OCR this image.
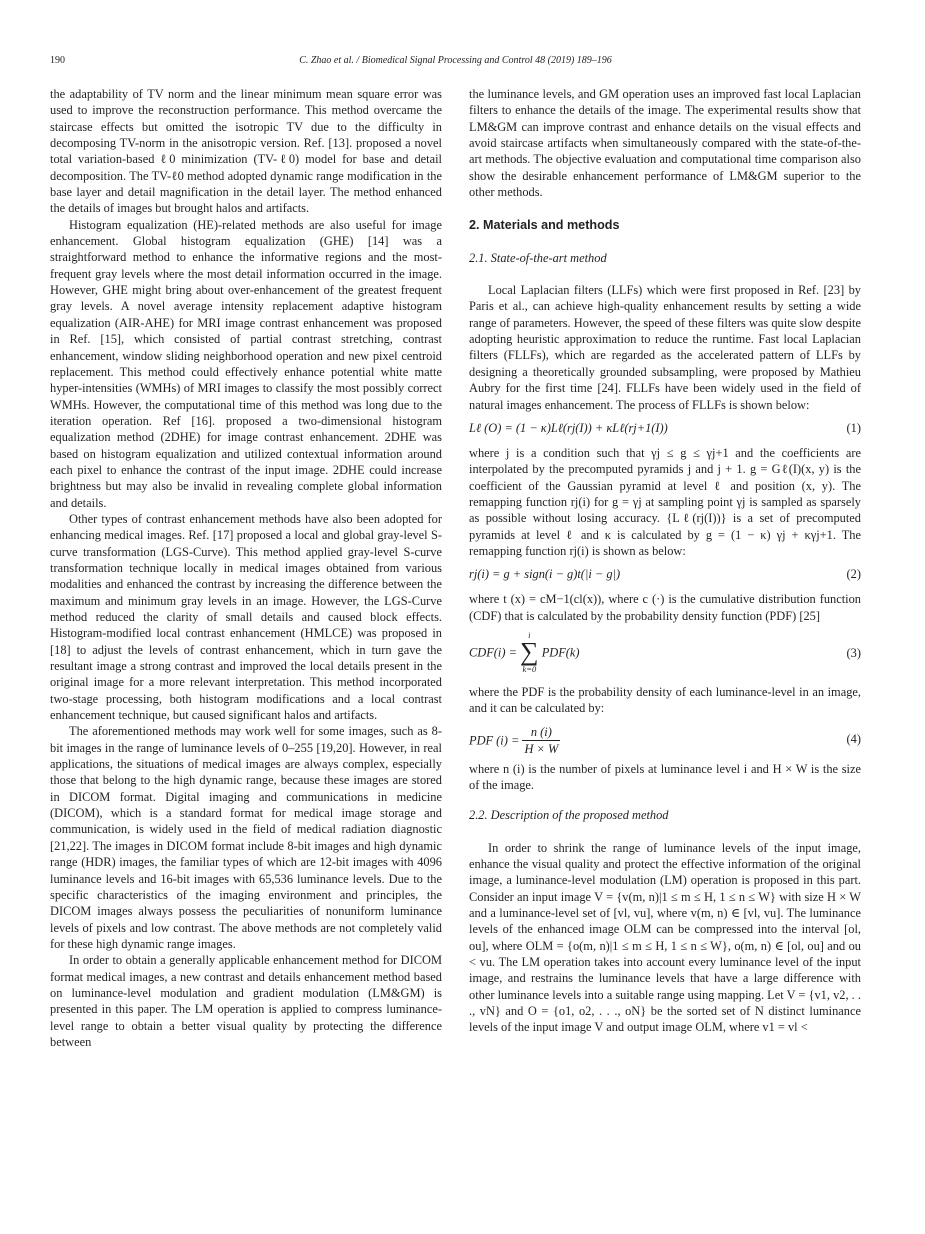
190	C. Zhao et al. / Biomedical Signal Processing and Control 48 (2019) 189–196

the adaptability of TV norm and the linear minimum mean square error was used to improve the reconstruction performance. This method overcame the staircase effects but omitted the isotropic TV due to the difficulty in decomposing TV-norm in the anisotropic version. Ref. [13]. proposed a novel total variation-based ℓ0 minimization (TV-ℓ0) model for base and detail decomposition. The TV-ℓ0 method adopted dynamic range modification in the base layer and detail magnification in the detail layer. The method enhanced the details of images but brought halos and artifacts.

Histogram equalization (HE)-related methods are also useful for image enhancement. Global histogram equalization (GHE) [14] was a straightforward method to enhance the informative regions and the most-frequent gray levels where the most detail information occurred in the image. However, GHE might bring about over-enhancement of the greatest frequent gray levels. A novel average intensity replacement adaptive histogram equalization (AIR-AHE) for MRI image contrast enhancement was proposed in Ref. [15], which consisted of partial contrast stretching, contrast enhancement, window sliding neighborhood operation and new pixel centroid replacement. This method could effectively enhance potential white matte hyper-intensities (WMHs) of MRI images to classify the most possibly correct WMHs. However, the computational time of this method was long due to the iteration operation. Ref [16]. proposed a two-dimensional histogram equalization method (2DHE) for image contrast enhancement. 2DHE was based on histogram equalization and utilized contextual information around each pixel to enhance the contrast of the input image. 2DHE could increase brightness but may also be invalid in revealing complete global information and details.

Other types of contrast enhancement methods have also been adopted for enhancing medical images. Ref. [17] proposed a local and global gray-level S-curve transformation (LGS-Curve). This method applied gray-level S-curve transformation technique locally in medical images obtained from various modalities and enhanced the contrast by increasing the difference between the maximum and minimum gray levels in an image. However, the LGS-Curve method reduced the clarity of small details and caused block effects. Histogram-modified local contrast enhancement (HMLCE) was proposed in [18] to adjust the levels of contrast enhancement, which in turn gave the resultant image a strong contrast and improved the local details present in the original image for a more relevant interpretation. This method incorporated two-stage processing, both histogram modifications and a local contrast enhancement technique, but caused significant halos and artifacts.

The aforementioned methods may work well for some images, such as 8-bit images in the range of luminance levels of 0–255 [19,20]. However, in real applications, the situations of medical images are always complex, especially those that belong to the high dynamic range, because these images are stored in DICOM format. Digital imaging and communications in medicine (DICOM), which is a standard format for medical image storage and communication, is widely used in the field of medical radiation diagnostic [21,22]. The images in DICOM format include 8-bit images and high dynamic range (HDR) images, the familiar types of which are 12-bit images with 4096 luminance levels and 16-bit images with 65,536 luminance levels. Due to the specific characteristics of the imaging environment and principles, the DICOM images always possess the peculiarities of nonuniform luminance levels of pixels and low contrast. The above methods are not completely valid for these high dynamic range images.

In order to obtain a generally applicable enhancement method for DICOM format medical images, a new contrast and details enhancement method based on luminance-level modulation and gradient modulation (LM&GM) is presented in this paper. The LM operation is applied to compress luminance-level range to obtain a better visual quality by protecting the difference between

the luminance levels, and GM operation uses an improved fast local Laplacian filters to enhance the details of the image. The experimental results show that LM&GM can improve contrast and enhance details on the visual effects and avoid staircase artifacts when simultaneously compared with the state-of-the-art methods. The objective evaluation and computational time comparison also show the desirable enhancement performance of LM&GM superior to the other methods.

2. Materials and methods
2.1. State-of-the-art method

Local Laplacian filters (LLFs) which were first proposed in Ref. [23] by Paris et al., can achieve high-quality enhancement results by setting a wide range of parameters. However, the speed of these filters was quite slow despite adopting heuristic approximation to reduce the runtime. Fast local Laplacian filters (FLLFs), which are regarded as the accelerated pattern of LLFs by designing a theoretically grounded subsampling, were proposed by Mathieu Aubry for the first time [24]. FLLFs have been widely used in the field of natural images enhancement. The process of FLLFs is shown below:

Lℓ (O) = (1 − κ)Lℓ(rj(I)) + κLℓ(rj+1(I))	(1)

where j is a condition such that γj ≤ g ≤ γj+1 and the coefficients are interpolated by the precomputed pyramids j and j + 1. g = Gℓ(I)(x, y) is the coefficient of the Gaussian pyramid at level ℓ and position (x, y). The remapping function rj(i) for g = γj at sampling point γj is sampled as sparsely as possible without losing accuracy. {Lℓ(rj(I))} is a set of precomputed pyramids at level ℓ and κ is calculated by g = (1 − κ) γj + κγj+1. The remapping function rj(i) is shown as below:

rj(i) = g + sign(i − g)t(|i − g|)	(2)

where t (x) = cM−1(cl(x)), where c (·) is the cumulative distribution function (CDF) that is calculated by the probability density function (PDF) [25]

CDF(i) =
i
∑
k=0
PDF(k)	(3)

where the PDF is the probability density of each luminance-level in an image, and it can be calculated by:

PDF $(i) = \frac{n (i)}{H \times W}$	(4)

where n (i) is the number of pixels at luminance level i and H × W is the size of the image.

2.2. Description of the proposed method

In order to shrink the range of luminance levels of the input image, enhance the visual quality and protect the effective information of the original image, a luminance-level modulation (LM) operation is proposed in this part. Consider an input image V = {v(m, n)|1 ≤ m ≤ H, 1 ≤ n ≤ W} with size H × W and a luminance-level set of [vl, vu], where v(m, n) ∈ [vl, vu]. The luminance levels of the enhanced image OLM can be compressed into the interval [ol, ou], where OLM = {o(m, n)|1 ≤ m ≤ H, 1 ≤ n ≤ W}, o(m, n) ∈ [ol, ou] and ou < vu. The LM operation takes into account every luminance level of the input image, and restrains the luminance levels that have a large difference with other luminance levels into a suitable range using mapping. Let V = {v1, v2, . . ., vN} and O = {o1, o2, . . ., oN} be the sorted set of N distinct luminance levels of the input image V and output image OLM, where v1 = vl <
